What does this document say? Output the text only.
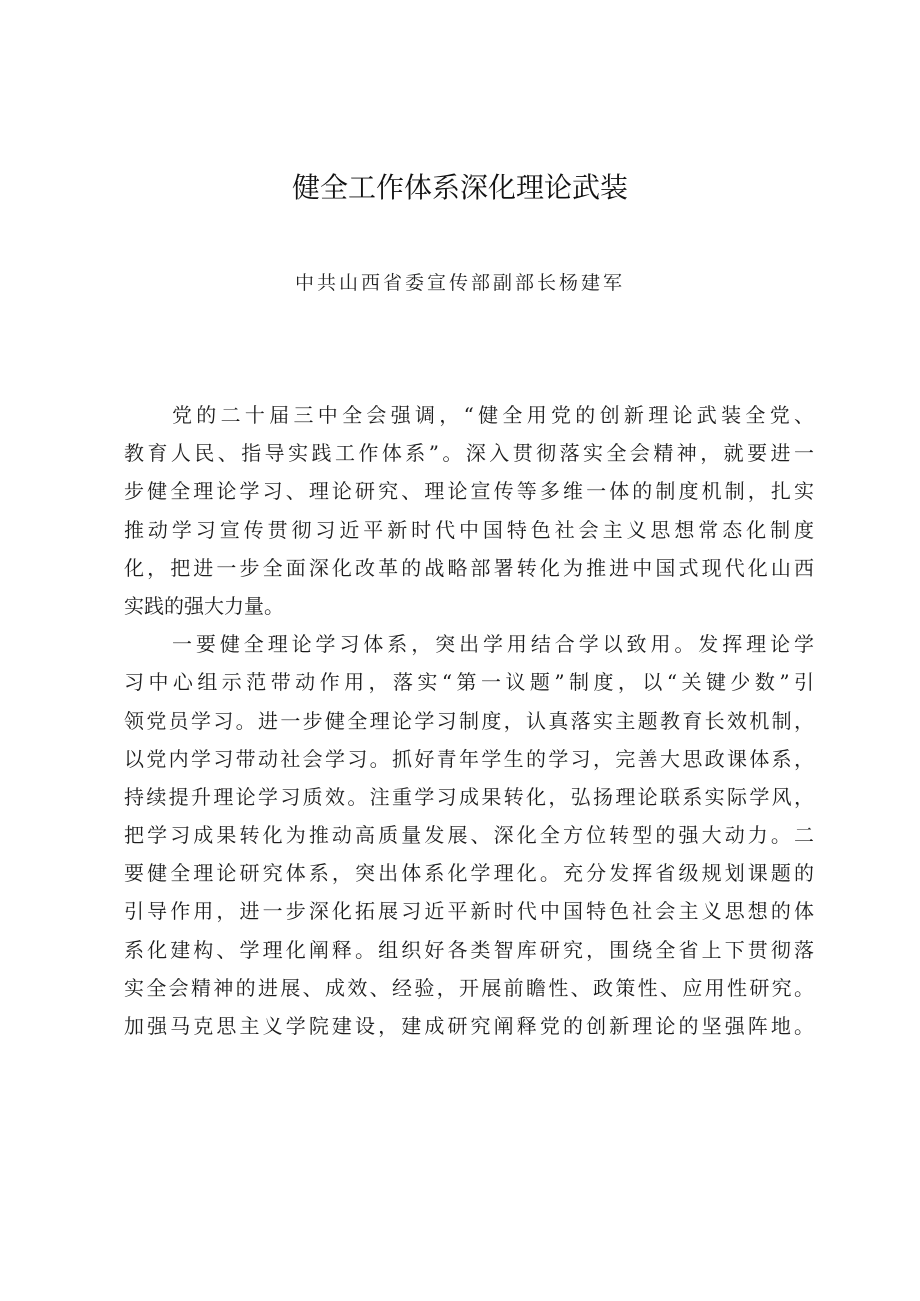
健全工作体系深化理论武装
中共山西省委宣传部副部长杨建军
党的二十届三中全会强调，“健全用党的创新理论武装全党、
教育人民、指导实践工作体系”。深入贯彻落实全会精神，就要进一
步健全理论学习、理论研究、理论宣传等多维一体的制度机制，扎实
推动学习宣传贯彻习近平新时代中国特色社会主义思想常态化制度
化，把进一步全面深化改革的战略部署转化为推进中国式现代化山西
实践的强大力量。
一要健全理论学习体系，突出学用结合学以致用。发挥理论学
习中心组示范带动作用，落实“第一议题”制度，以“关键少数”引
领党员学习。进一步健全理论学习制度，认真落实主题教育长效机制，
以党内学习带动社会学习。抓好青年学生的学习，完善大思政课体系，
持续提升理论学习质效。注重学习成果转化，弘扬理论联系实际学风，
把学习成果转化为推动高质量发展、深化全方位转型的强大动力。二
要健全理论研究体系，突出体系化学理化。充分发挥省级规划课题的
引导作用，进一步深化拓展习近平新时代中国特色社会主义思想的体
系化建构、学理化阐释。组织好各类智库研究，围绕全省上下贯彻落
实全会精神的进展、成效、经验，开展前瞻性、政策性、应用性研究。
加强马克思主义学院建设，建成研究阐释党的创新理论的坚强阵地。
